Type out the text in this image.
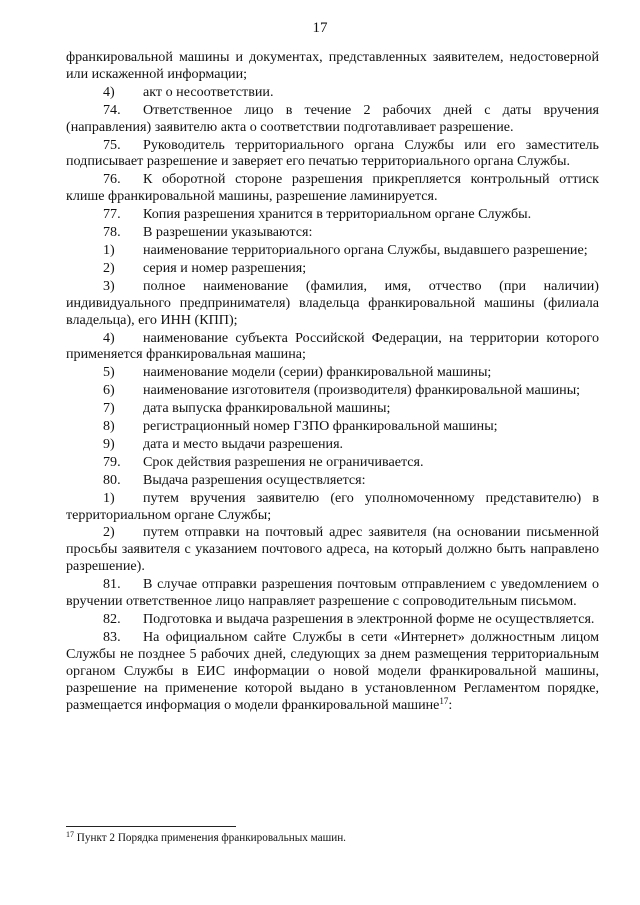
17

франкировальной машины и документах, представленных заявителем, недостоверной или искаженной информации;

4) акт о несоответствии.

74. Ответственное лицо в течение 2 рабочих дней с даты вручения (направления) заявителю акта о соответствии подготавливает разрешение.

75. Руководитель территориального органа Службы или его заместитель подписывает разрешение и заверяет его печатью территориального органа Службы.

76. К оборотной стороне разрешения прикрепляется контрольный оттиск клише франкировальной машины, разрешение ламинируется.

77. Копия разрешения хранится в территориальном органе Службы.

78. В разрешении указываются:

1) наименование территориального органа Службы, выдавшего разрешение;

2) серия и номер разрешения;

3) полное наименование (фамилия, имя, отчество (при наличии) индивидуального предпринимателя) владельца франкировальной машины (филиала владельца), его ИНН (КПП);

4) наименование субъекта Российской Федерации, на территории которого применяется франкировальная машина;

5) наименование модели (серии) франкировальной машины;

6) наименование изготовителя (производителя) франкировальной машины;

7) дата выпуска франкировальной машины;

8) регистрационный номер ГЗПО франкировальной машины;

9) дата и место выдачи разрешения.

79. Срок действия разрешения не ограничивается.

80. Выдача разрешения осуществляется:

1) путем вручения заявителю (его уполномоченному представителю) в территориальном органе Службы;

2) путем отправки на почтовый адрес заявителя (на основании письменной просьбы заявителя с указанием почтового адреса, на который должно быть направлено разрешение).

81. В случае отправки разрешения почтовым отправлением с уведомлением о вручении ответственное лицо направляет разрешение с сопроводительным письмом.

82. Подготовка и выдача разрешения в электронной форме не осуществляется.

83. На официальном сайте Службы в сети «Интернет» должностным лицом Службы не позднее 5 рабочих дней, следующих за днем размещения территориальным органом Службы в ЕИС информации о новой модели франкировальной машины, разрешение на применение которой выдано в установленном Регламентом порядке, размещается информация о модели франкировальной машине$^{17}$:

$^{17}$ Пункт 2 Порядка применения франкировальных машин.
